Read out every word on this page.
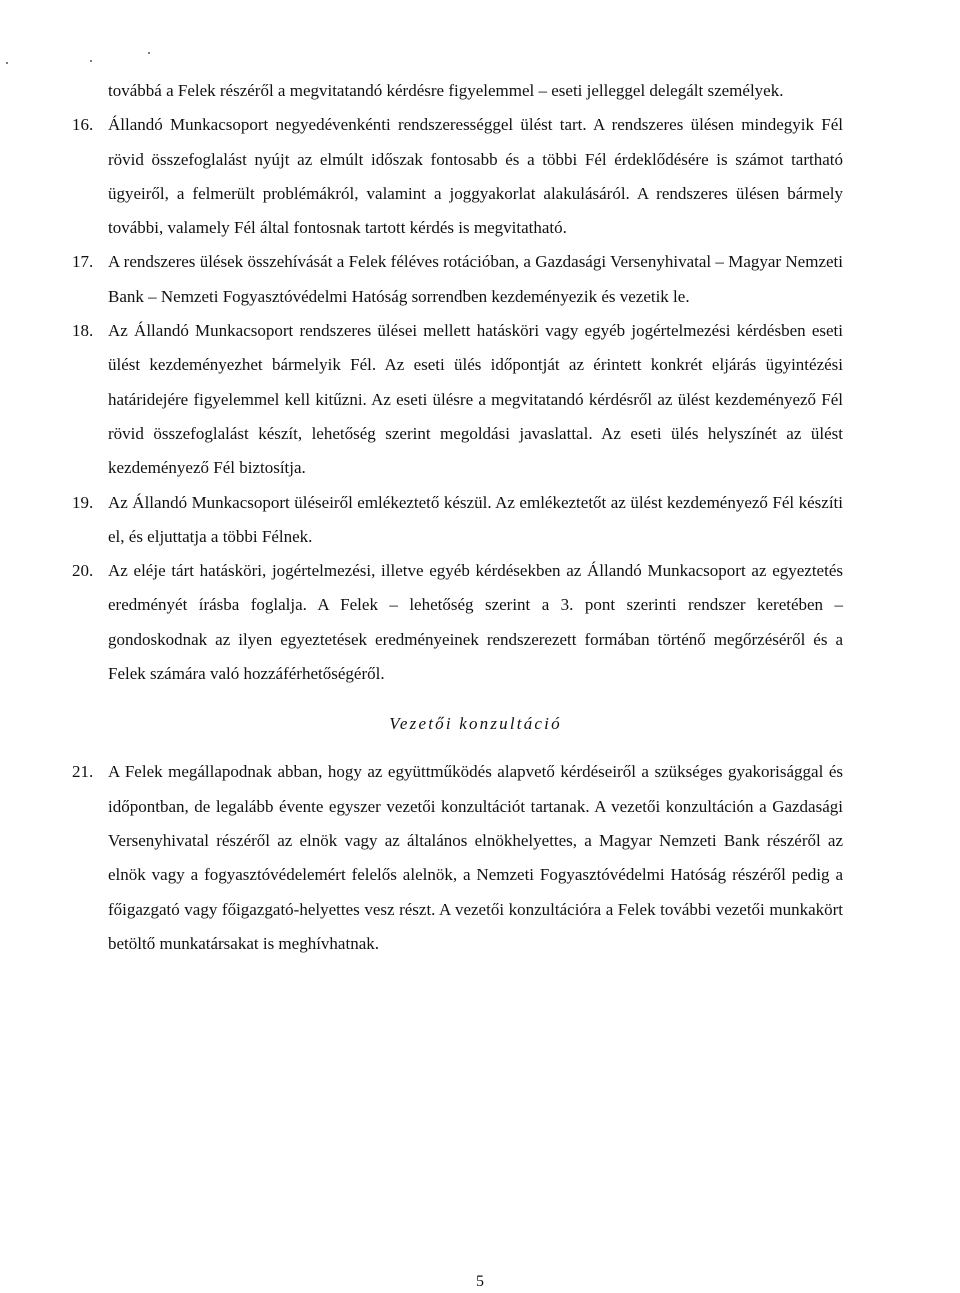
továbbá a Felek részéről a megvitatandó kérdésre figyelemmel – eseti jelleggel delegált személyek.

16. Állandó Munkacsoport negyedévenkénti rendszerességgel ülést tart. A rendszeres ülésen mindegyik Fél rövid összefoglalást nyújt az elmúlt időszak fontosabb és a többi Fél érdeklődésére is számot tartható ügyeiről, a felmerült problémákról, valamint a joggyakorlat alakulásáról. A rendszeres ülésen bármely további, valamely Fél által fontosnak tartott kérdés is megvitatható.

17. A rendszeres ülések összehívását a Felek féléves rotációban, a Gazdasági Versenyhivatal – Magyar Nemzeti Bank – Nemzeti Fogyasztóvédelmi Hatóság sorrendben kezdeményezik és vezetik le.

18. Az Állandó Munkacsoport rendszeres ülései mellett hatásköri vagy egyéb jogértelmezési kérdésben eseti ülést kezdeményezhet bármelyik Fél. Az eseti ülés időpontját az érintett konkrét eljárás ügyintézési határidejére figyelemmel kell kitűzni. Az eseti ülésre a megvitatandó kérdésről az ülést kezdeményező Fél rövid összefoglalást készít, lehetőség szerint megoldási javaslattal. Az eseti ülés helyszínét az ülést kezdeményező Fél biztosítja.

19. Az Állandó Munkacsoport üléseiről emlékeztető készül. Az emlékeztetőt az ülést kezdeményező Fél készíti el, és eljuttatja a többi Félnek.

20. Az eléje tárt hatásköri, jogértelmezési, illetve egyéb kérdésekben az Állandó Munkacsoport az egyeztetés eredményét írásba foglalja. A Felek – lehetőség szerint a 3. pont szerinti rendszer keretében – gondoskodnak az ilyen egyeztetések eredményeinek rendszerezett formában történő megőrzéséről és a Felek számára való hozzáférhetőségéről.

Vezetői konzultáció
21. A Felek megállapodnak abban, hogy az együttműködés alapvető kérdéseiről a szükséges gyakorisággal és időpontban, de legalább évente egyszer vezetői konzultációt tartanak. A vezetői konzultáción a Gazdasági Versenyhivatal részéről az elnök vagy az általános elnökhelyettes, a Magyar Nemzeti Bank részéről az elnök vagy a fogyasztóvédelemért felelős alelnök, a Nemzeti Fogyasztóvédelmi Hatóság részéről pedig a főigazgató vagy főigazgató-helyettes vesz részt. A vezetői konzultációra a Felek további vezetői munkakört betöltő munkatársakat is meghívhatnak.

5
